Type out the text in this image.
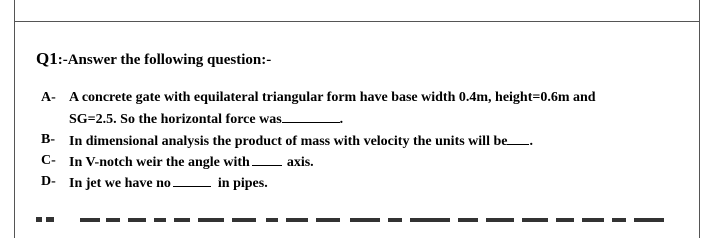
Q1:-Answer the following question:-
A- A concrete gate with equilateral triangular form have base width 0.4m, height=0.6m and
SG=2.5. So the horizontal force was	.
B- In dimensional analysis the product of mass with velocity the units will be .
C- In V-notch weir the angle with	axis.
D- In jet we have no	in pipes.
